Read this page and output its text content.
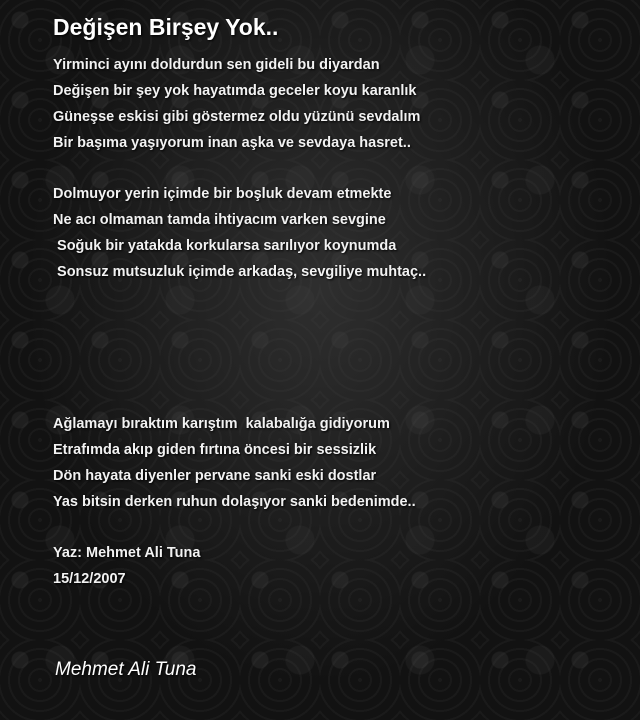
Değişen Birşey Yok..
Yirminci ayını doldurdun sen gideli bu diyardan
Değişen bir şey yok hayatımda geceler koyu karanlık
Güneşse eskisi gibi göstermez oldu yüzünü sevdalım
Bir başıma yaşıyorum inan aşka ve sevdaya hasret..
Dolmuyor yerin içimde bir boşluk devam etmekte
Ne acı olmaman tamda ihtiyacım varken sevgine
Soğuk bir yatakda korkularsa sarılıyor koynumda
Sonsuz mutsuzluk içimde arkadaş, sevgiliye muhtaç..
Ağlamayı bıraktım karıştım  kalabalığa gidiyorum
Etrafımda akıp giden fırtına öncesi bir sessizlik
Dön hayata diyenler pervane sanki eski dostlar
Yas bitsin derken ruhun dolaşıyor sanki bedenimde..
Yaz: Mehmet Ali Tuna
15/12/2007
Mehmet Ali Tuna
